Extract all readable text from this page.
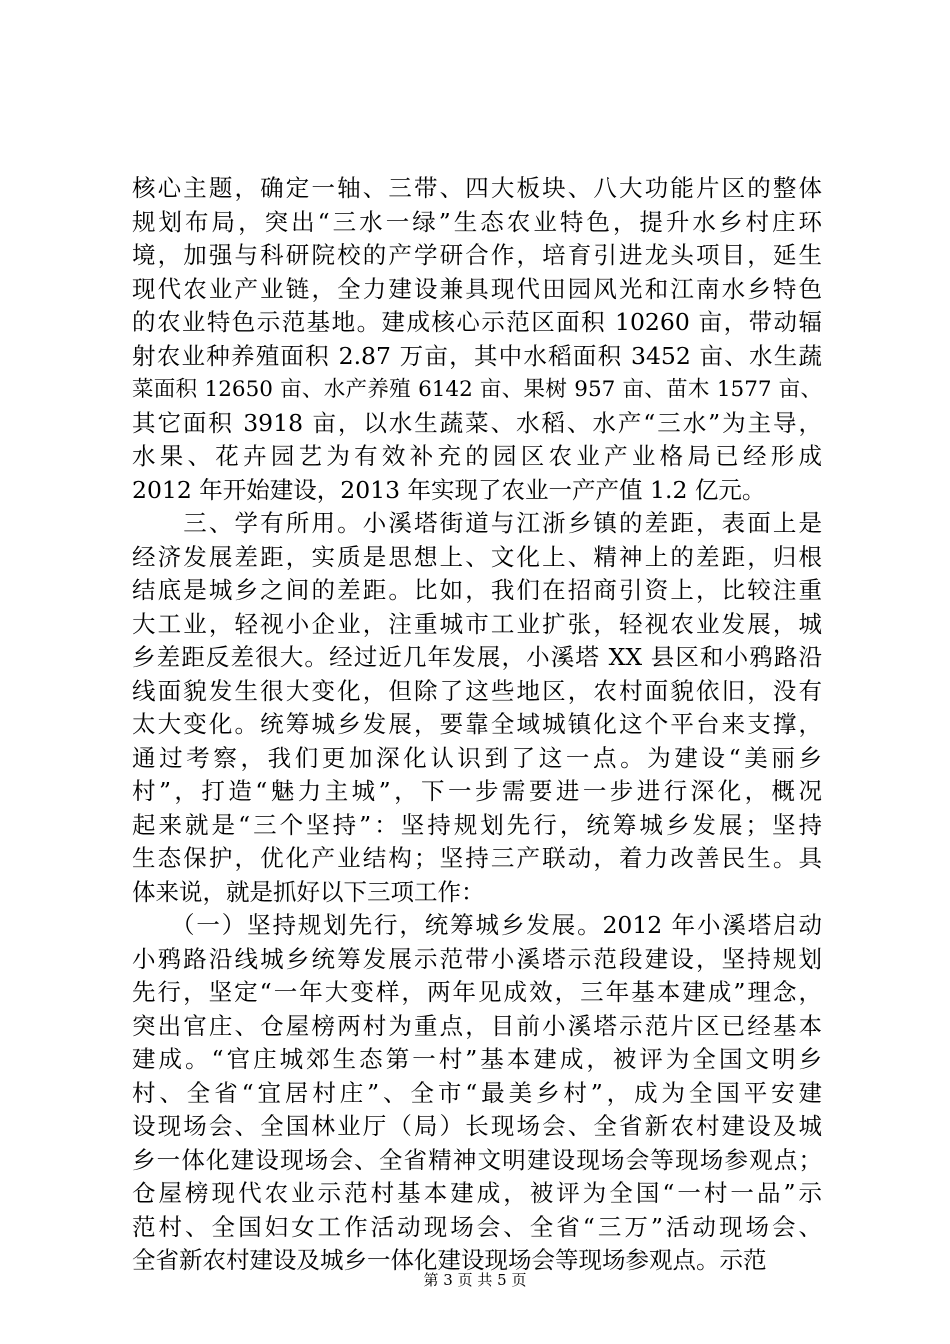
核心主题，确定一轴、三带、四大板块、八大功能片区的整体
规划布局，突出“三水一绿”生态农业特色，提升水乡村庄环
境，加强与科研院校的产学研合作，培育引进龙头项目，延生
现代农业产业链，全力建设兼具现代田园风光和江南水乡特色
的农业特色示范基地。建成核心示范区面积 10260 亩，带动辐
射农业种养殖面积 2.87 万亩，其中水稻面积 3452 亩、水生蔬
菜面积 12650 亩、水产养殖 6142 亩、果树 957 亩、苗木 1577 亩、
其它面积 3918 亩，以水生蔬菜、水稻、水产“三水”为主导，
水果、花卉园艺为有效补充的园区农业产业格局已经形成
2012 年开始建设，2013 年实现了农业一产产值 1.2 亿元。
　　三、学有所用。小溪塔街道与江浙乡镇的差距，表面上是
经济发展差距，实质是思想上、文化上、精神上的差距，归根
结底是城乡之间的差距。比如，我们在招商引资上，比较注重
大工业，轻视小企业，注重城市工业扩张，轻视农业发展，城
乡差距反差很大。经过近几年发展，小溪塔 XX 县区和小鸦路沿
线面貌发生很大变化，但除了这些地区，农村面貌依旧，没有
太大变化。统筹城乡发展，要靠全域城镇化这个平台来支撑，
通过考察，我们更加深化认识到了这一点。为建设“美丽乡
村”，打造“魅力主城”，下一步需要进一步进行深化，概况
起来就是“三个坚持”：坚持规划先行，统筹城乡发展；坚持
生态保护，优化产业结构；坚持三产联动，着力改善民生。具
体来说，就是抓好以下三项工作：
　　（一）坚持规划先行，统筹城乡发展。2012 年小溪塔启动
小鸦路沿线城乡统筹发展示范带小溪塔示范段建设，坚持规划
先行，坚定“一年大变样，两年见成效，三年基本建成”理念，
突出官庄、仓屋榜两村为重点，目前小溪塔示范片区已经基本
建成。“官庄城郊生态第一村”基本建成，被评为全国文明乡
村、全省“宜居村庄”、全市“最美乡村”，成为全国平安建
设现场会、全国林业厅（局）长现场会、全省新农村建设及城
乡一体化建设现场会、全省精神文明建设现场会等现场参观点；
仓屋榜现代农业示范村基本建成，被评为全国“一村一品”示
范村、全国妇女工作活动现场会、全省“三万”活动现场会、
全省新农村建设及城乡一体化建设现场会等现场参观点。示范
第 3 页 共 5 页
